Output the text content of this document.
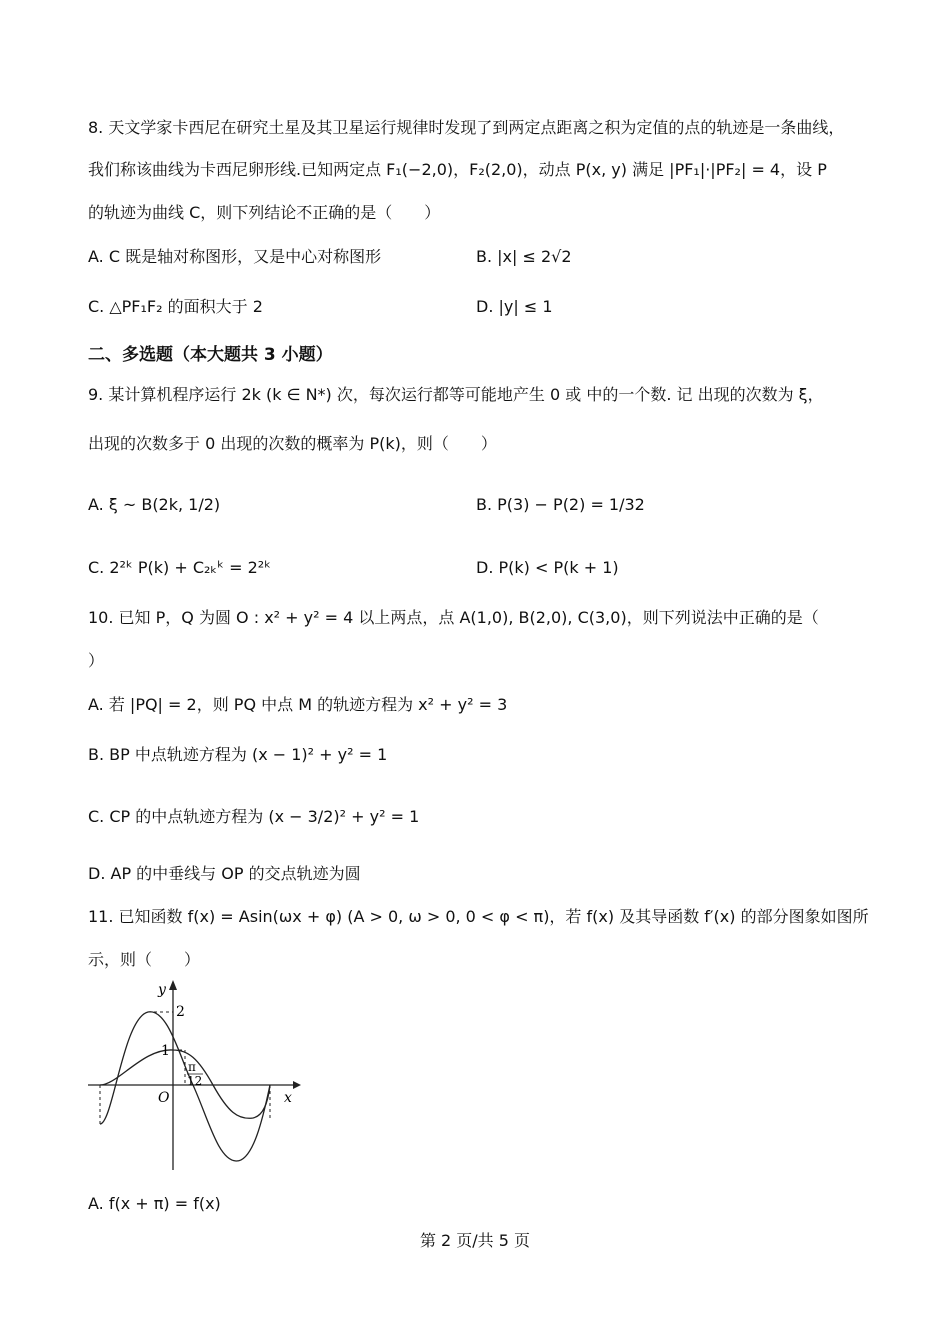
8. 天文学家卡西尼在研究土星及其卫星运行规律时发现了到两定点距离之积为定值的点的轨迹是一条曲线，
我们称该曲线为卡西尼卵形线.已知两定点 F₁(−2,0)，F₂(2,0)，动点 P(x, y) 满足 |PF₁|·|PF₂| = 4，设 P
的轨迹为曲线 C，则下列结论不正确的是（　　）
A. C 既是轴对称图形，又是中心对称图形	B. |x| ≤ 2√2
C. △PF₁F₂ 的面积大于 2	D. |y| ≤ 1
二、多选题（本大题共 3 小题）
9. 某计算机程序运行 2k (k ∈ N*) 次，每次运行都等可能地产生 0 或 中的一个数. 记 出现的次数为 ξ，
出现的次数多于 0 出现的次数的概率为 P(k)，则（　　）
A. ξ ~ B(2k, 1/2)	B. P(3) − P(2) = 1/32
C. 2²ᵏ P(k) + C₂ₖᵏ = 2²ᵏ	D. P(k) < P(k + 1)
10. 已知 P，Q 为圆 O : x² + y² = 4 以上两点，点 A(1,0), B(2,0), C(3,0)，则下列说法中正确的是（
）
A. 若 |PQ| = 2，则 PQ 中点 M 的轨迹方程为 x² + y² = 3
B. BP 中点轨迹方程为 (x − 1)² + y² = 1
C. CP 的中点轨迹方程为 (x − 3/2)² + y² = 1
D. AP 的中垂线与 OP 的交点轨迹为圆
11. 已知函数 f(x) = Asin(ωx + φ) (A > 0, ω > 0, 0 < φ < π)，若 f(x) 及其导函数 f′(x) 的部分图象如图所
示，则（　　）
y
x
O
2
1
π
12
A. f(x + π) = f(x)
第 2 页/共 5 页
